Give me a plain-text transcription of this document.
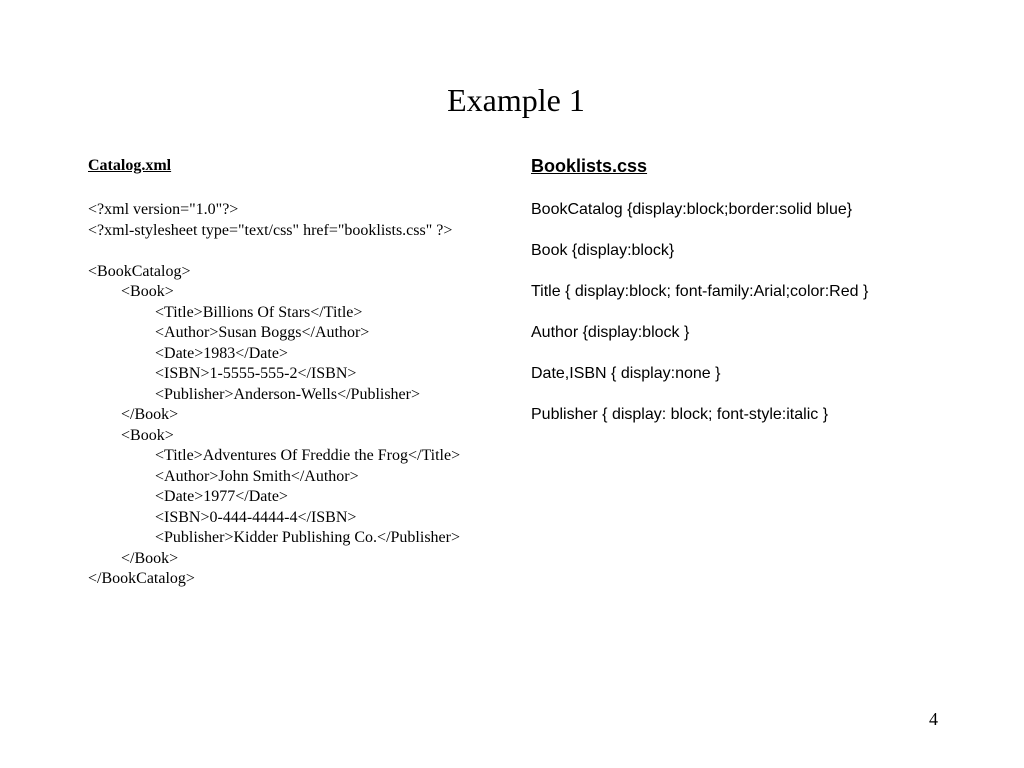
Example 1
Catalog.xml
<?xml version="1.0"?>
<?xml-stylesheet type="text/css" href="booklists.css" ?>
<BookCatalog>
<Book>
<Title>Billions Of Stars</Title>
<Author>Susan Boggs</Author>
<Date>1983</Date>
<ISBN>1-5555-555-2</ISBN>
<Publisher>Anderson-Wells</Publisher>
</Book>
<Book>
<Title>Adventures Of Freddie the Frog</Title>
<Author>John Smith</Author>
<Date>1977</Date>
<ISBN>0-444-4444-4</ISBN>
<Publisher>Kidder Publishing Co.</Publisher>
</Book>
</BookCatalog>
Booklists.css
BookCatalog {display:block;border:solid blue}
Book {display:block}
Title { display:block; font-family:Arial;color:Red }
Author {display:block }
Date,ISBN { display:none }
Publisher { display: block; font-style:italic }
4
